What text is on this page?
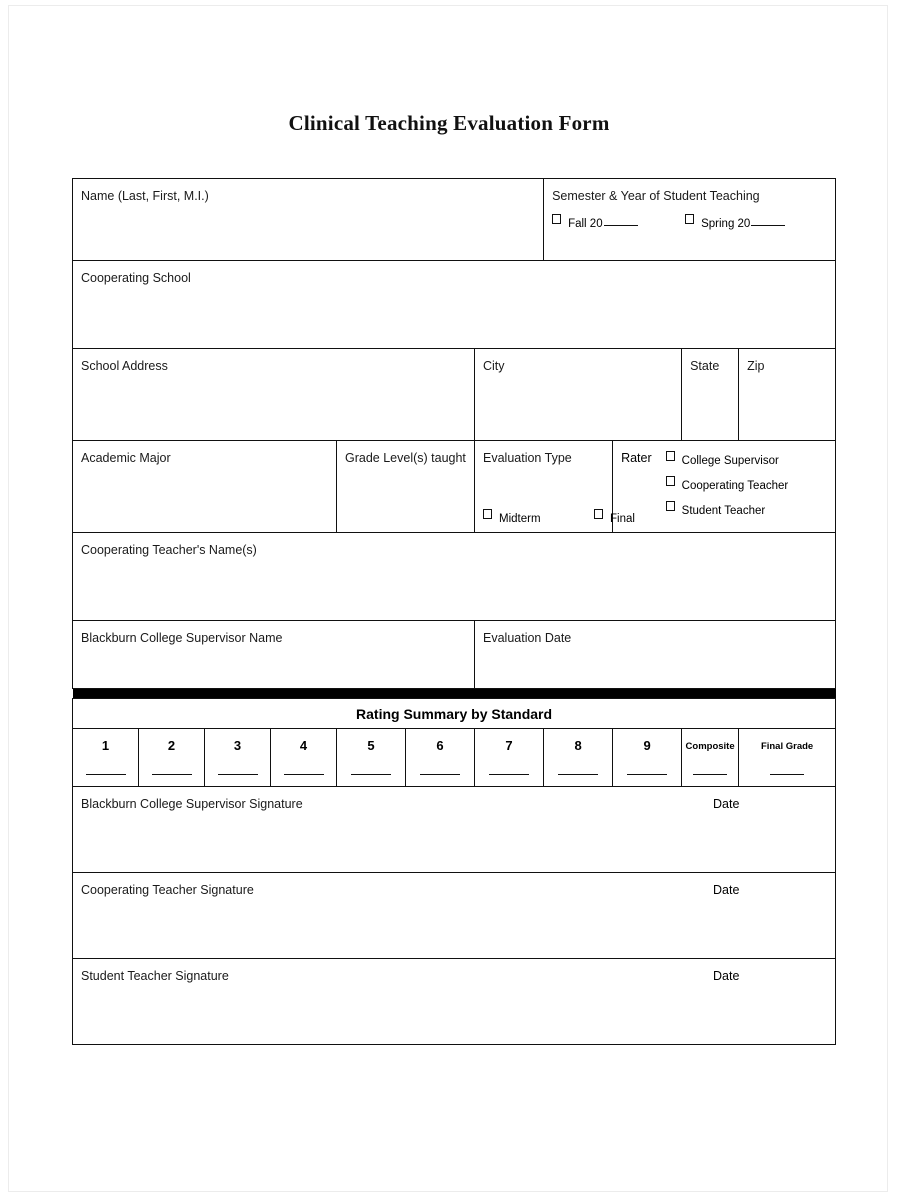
Clinical Teaching Evaluation Form
Name (Last, First, M.I.)							Semester & Year of Student Teaching
Fall 20 Spring 20			

Cooperating School										

School Address						City			State	Zip

Academic Major	Grade Level(s) taught	Evaluation Type
Midterm	Final

Rater	College Supervisor
Cooperating Teacher
Student Teacher

Cooperating Teacher's Name(s)										

Blackburn College Supervisor Name						Evaluation Date				

Rating Summary by Standard										

1	2	3	4	5	6	7	8	9	Composite	Final Grade

Blackburn College Supervisor Signature Date										

Cooperating Teacher Signature Date										

Student Teacher Signature Date										
